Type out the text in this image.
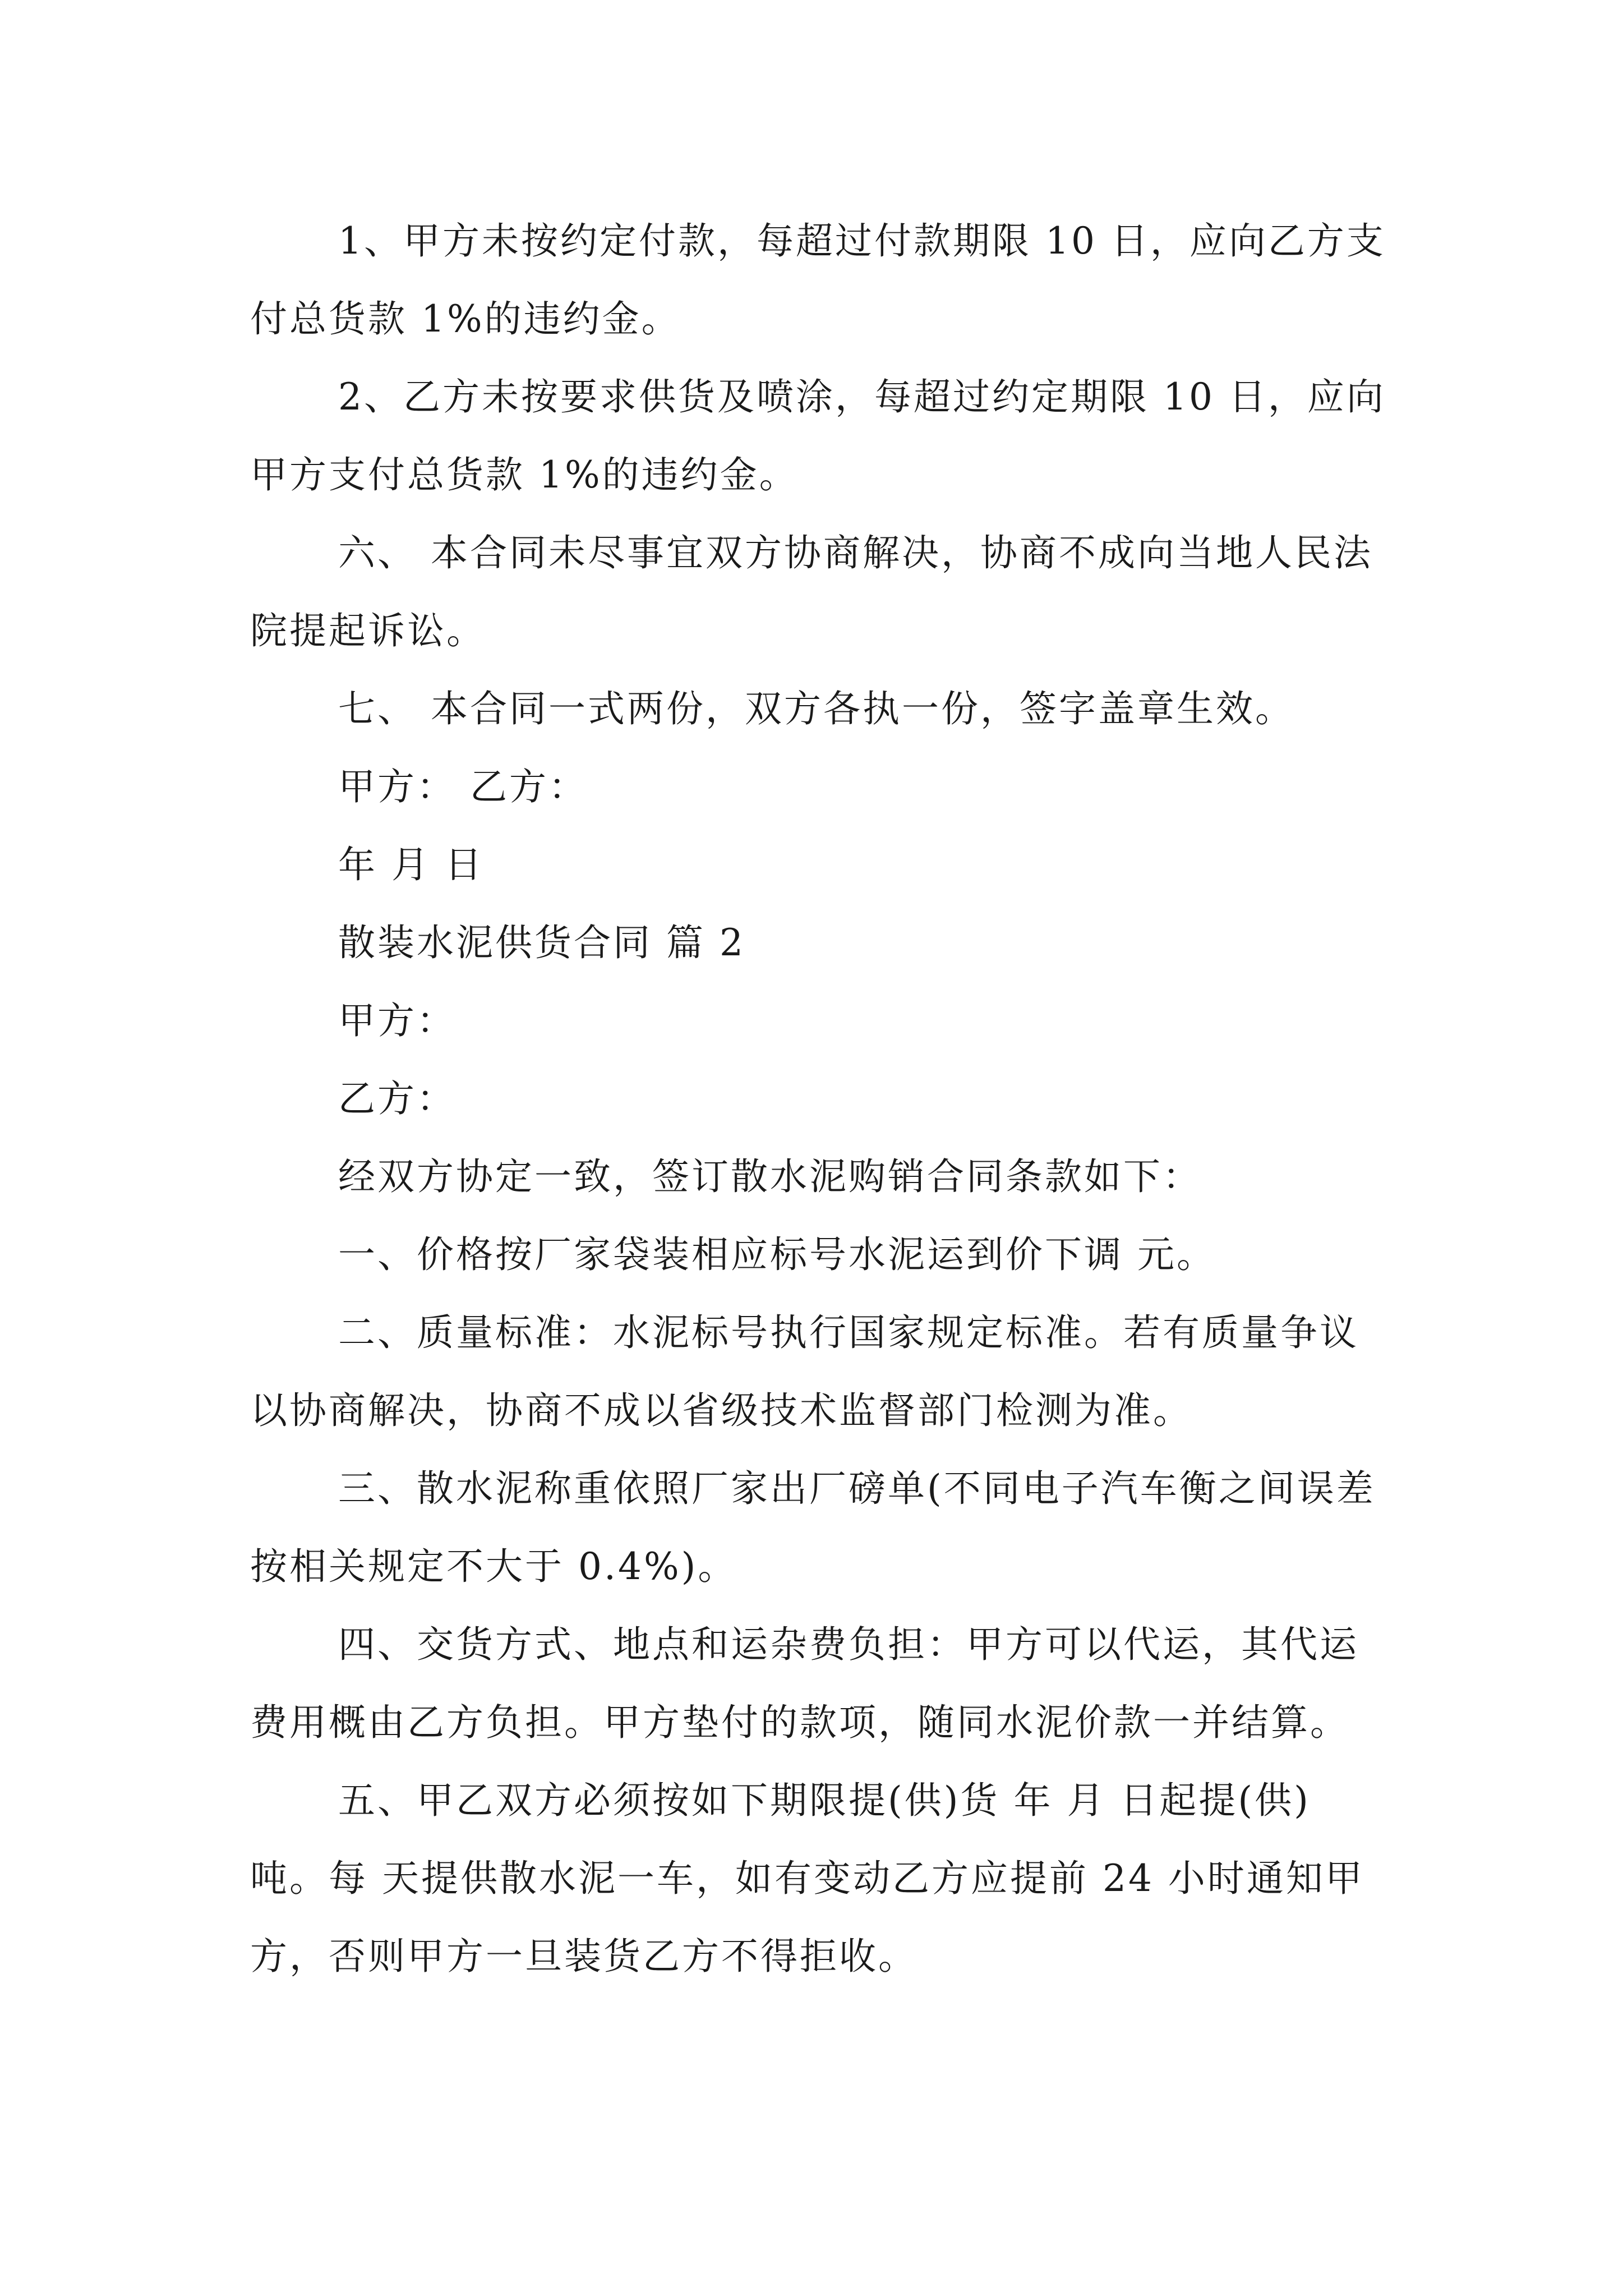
1、甲方未按约定付款，每超过付款期限 10 日，应向乙方支付总货款 1%的违约金。

2、乙方未按要求供货及喷涂，每超过约定期限 10 日，应向甲方支付总货款 1%的违约金。

六、 本合同未尽事宜双方协商解决，协商不成向当地人民法 院提起诉讼。

七、 本合同一式两份，双方各执一份，签字盖章生效。

甲方： 乙方：

年 月 日

散装水泥供货合同 篇 2

甲方：

乙方：

经双方协定一致，签订散水泥购销合同条款如下：

一、价格按厂家袋装相应标号水泥运到价下调 元。

二、质量标准：水泥标号执行国家规定标准。若有质量争议以协商解决，协商不成以省级技术监督部门检测为准。

三、散水泥称重依照厂家出厂磅单(不同电子汽车衡之间误差按相关规定不大于 0.4%)。

四、交货方式、地点和运杂费负担：甲方可以代运，其代运费用概由乙方负担。甲方垫付的款项，随同水泥价款一并结算。

五、甲乙双方必须按如下期限提(供)货 年 月 日起提(供) 吨。每 天提供散水泥一车，如有变动乙方应提前 24 小时通知甲方，否则甲方一旦装货乙方不得拒收。
